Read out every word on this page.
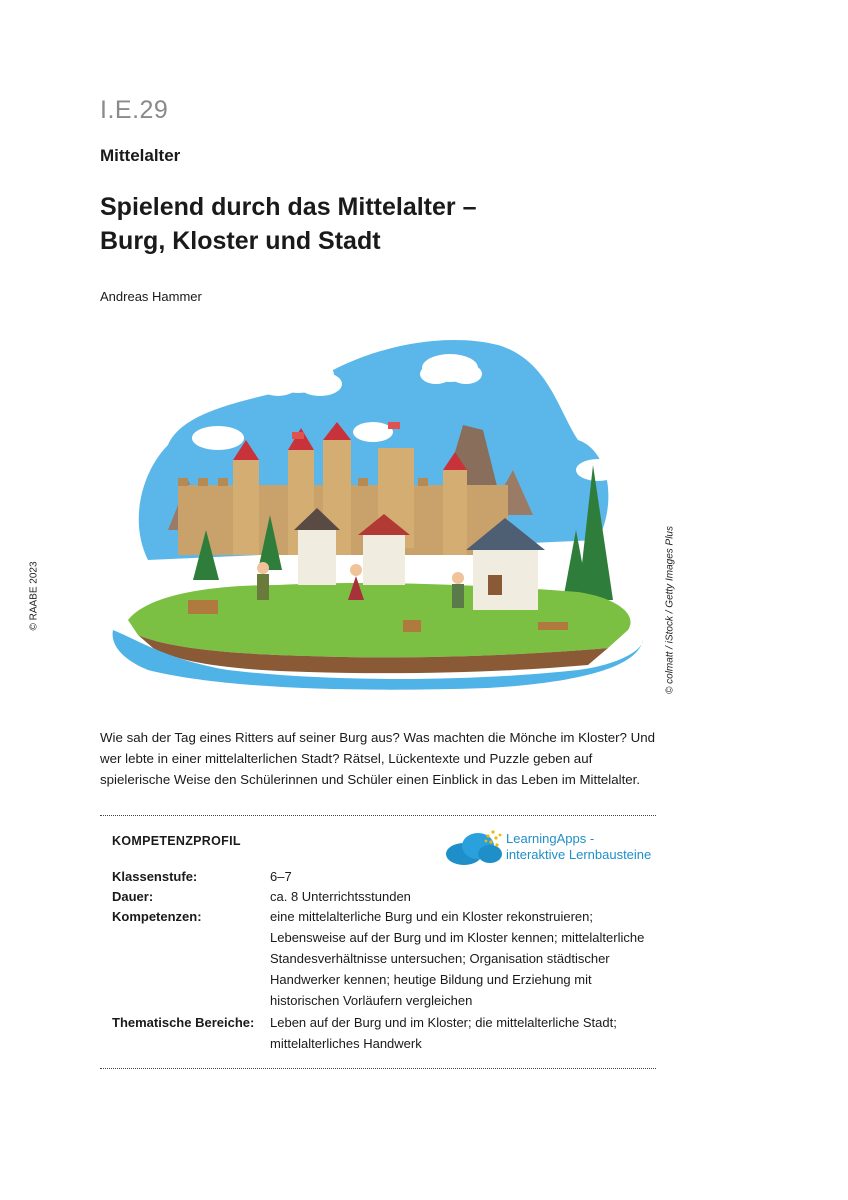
I.E.29
Mittelalter
Spielend durch das Mittelalter –
Burg, Kloster und Stadt
Andreas Hammer
© RAABE 2023	© colmatt / iStock / Getty Images Plus
Wie sah der Tag eines Ritters auf seiner Burg aus? Was machten die Mönche im Kloster? Und wer lebte in einer mittelalterlichen Stadt? Rätsel, Lückentexte und Puzzle geben auf spielerische Weise den Schülerinnen und Schüler einen Einblick in das Leben im Mittelalter.
KOMPETENZPROFIL	LearningApps -
interaktive Lernbausteine
Klassenstufe:	6–7
Dauer:	ca. 8 Unterrichtsstunden
Kompetenzen:	eine mittelalterliche Burg und ein Kloster rekonstruieren; Lebensweise auf der Burg und im Kloster kennen; mittelalterliche Standesverhältnisse untersuchen; Organisation städtischer Handwerker kennen; heutige Bildung und Erziehung mit historischen Vorläufern vergleichen
Thematische Bereiche:	Leben auf der Burg und im Kloster; die mittelalterliche Stadt; mittelalterliches Handwerk
